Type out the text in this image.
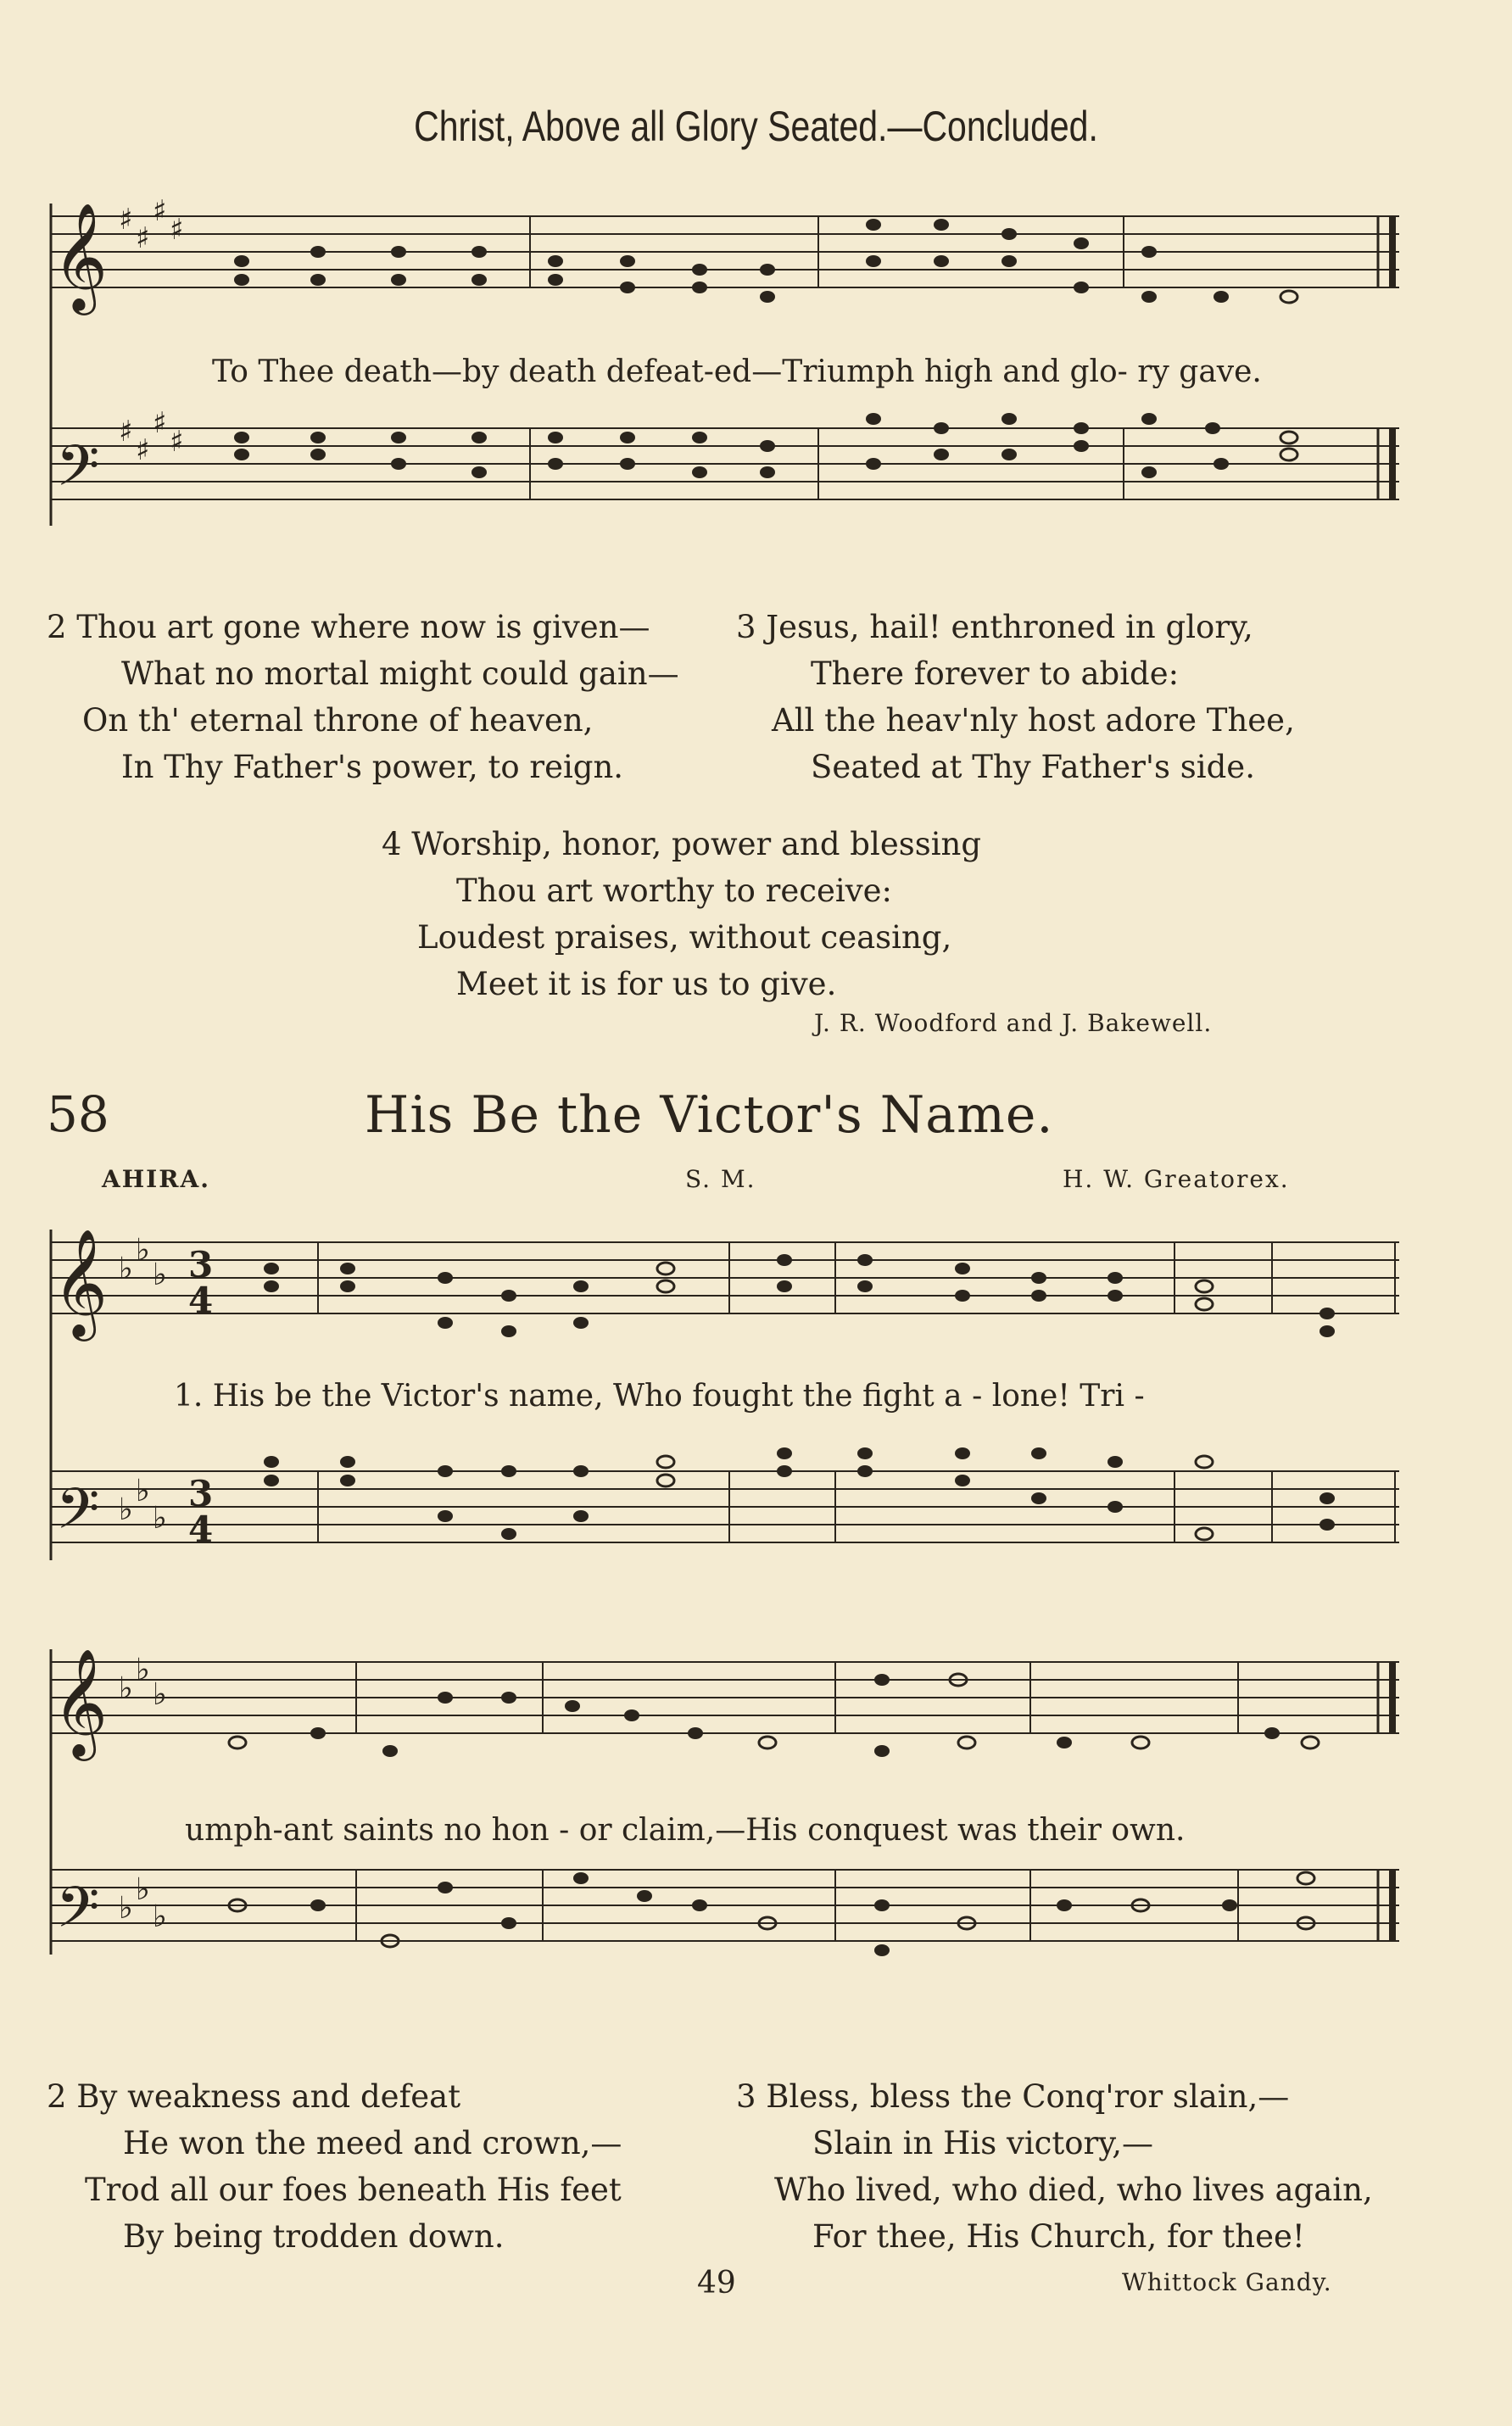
Christ, Above all Glory Seated.—Concluded.
𝄞
𝄢
♯
♯
♯
♯
♯
♯
♯
♯
To Thee death—by death defeat-ed—Triumph high and glo- ry gave.
2 Thou art gone where now is given—
What no mortal might could gain—
On th' eternal throne of heaven,
In Thy Father's power, to reign.
3 Jesus, hail! enthroned in glory,
There forever to abide:
All the heav'nly host adore Thee,
Seated at Thy Father's side.
4 Worship, honor, power and blessing
Thou art worthy to receive:
Loudest praises, without ceasing,
Meet it is for us to give.
J. R. Woodford and J. Bakewell.
58	His Be the Victor's Name.
AHIRA.	S. M.	H. W. Greatorex.
𝄞
𝄢
♭
♭
♭
♭
♭
♭
3
4
3
4
1. His be the Victor's name, Who fought the fight a - lone! Tri -
𝄞
𝄢
♭
♭
♭
♭
♭
♭
umph-ant saints no hon - or claim,—His conquest was their own.
2 By weakness and defeat
He won the meed and crown,—
Trod all our foes beneath His feet
By being trodden down.
3 Bless, bless the Conq'ror slain,—
Slain in His victory,—
Who lived, who died, who lives again,
For thee, His Church, for thee!
49	Whittock Gandy.
